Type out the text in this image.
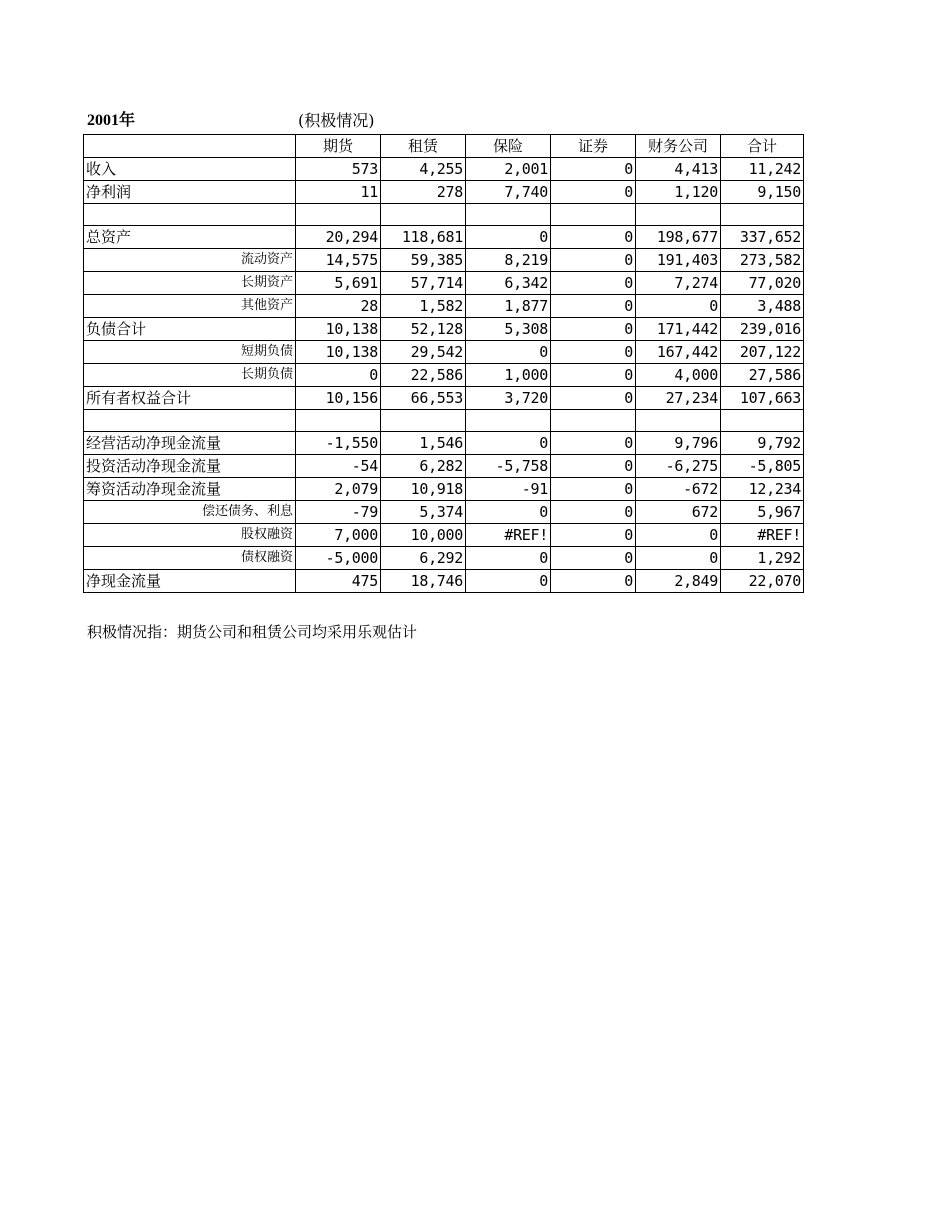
2001年	(积极情况)
	期货	租赁	保险	证券	财务公司	合计
收入	573	4,255	2,001	0	4,413	11,242
净利润	11	278	7,740	0	1,120	9,150

总资产	20,294	118,681	0	0	198,677	337,652
流动资产	14,575	59,385	8,219	0	191,403	273,582
长期资产	5,691	57,714	6,342	0	7,274	77,020
其他资产	28	1,582	1,877	0	0	3,488
负债合计	10,138	52,128	5,308	0	171,442	239,016
短期负债	10,138	29,542	0	0	167,442	207,122
长期负债	0	22,586	1,000	0	4,000	27,586
所有者权益合计	10,156	66,553	3,720	0	27,234	107,663

经营活动净现金流量	-1,550	1,546	0	0	9,796	9,792
投资活动净现金流量	-54	6,282	-5,758	0	-6,275	-5,805
筹资活动净现金流量	2,079	10,918	-91	0	-672	12,234
偿还债务、利息	-79	5,374	0	0	672	5,967
股权融资	7,000	10,000	#REF!	0	0	#REF!
债权融资	-5,000	6,292	0	0	0	1,292
净现金流量	475	18,746	0	0	2,849	22,070
积极情况指：期货公司和租赁公司均采用乐观估计
